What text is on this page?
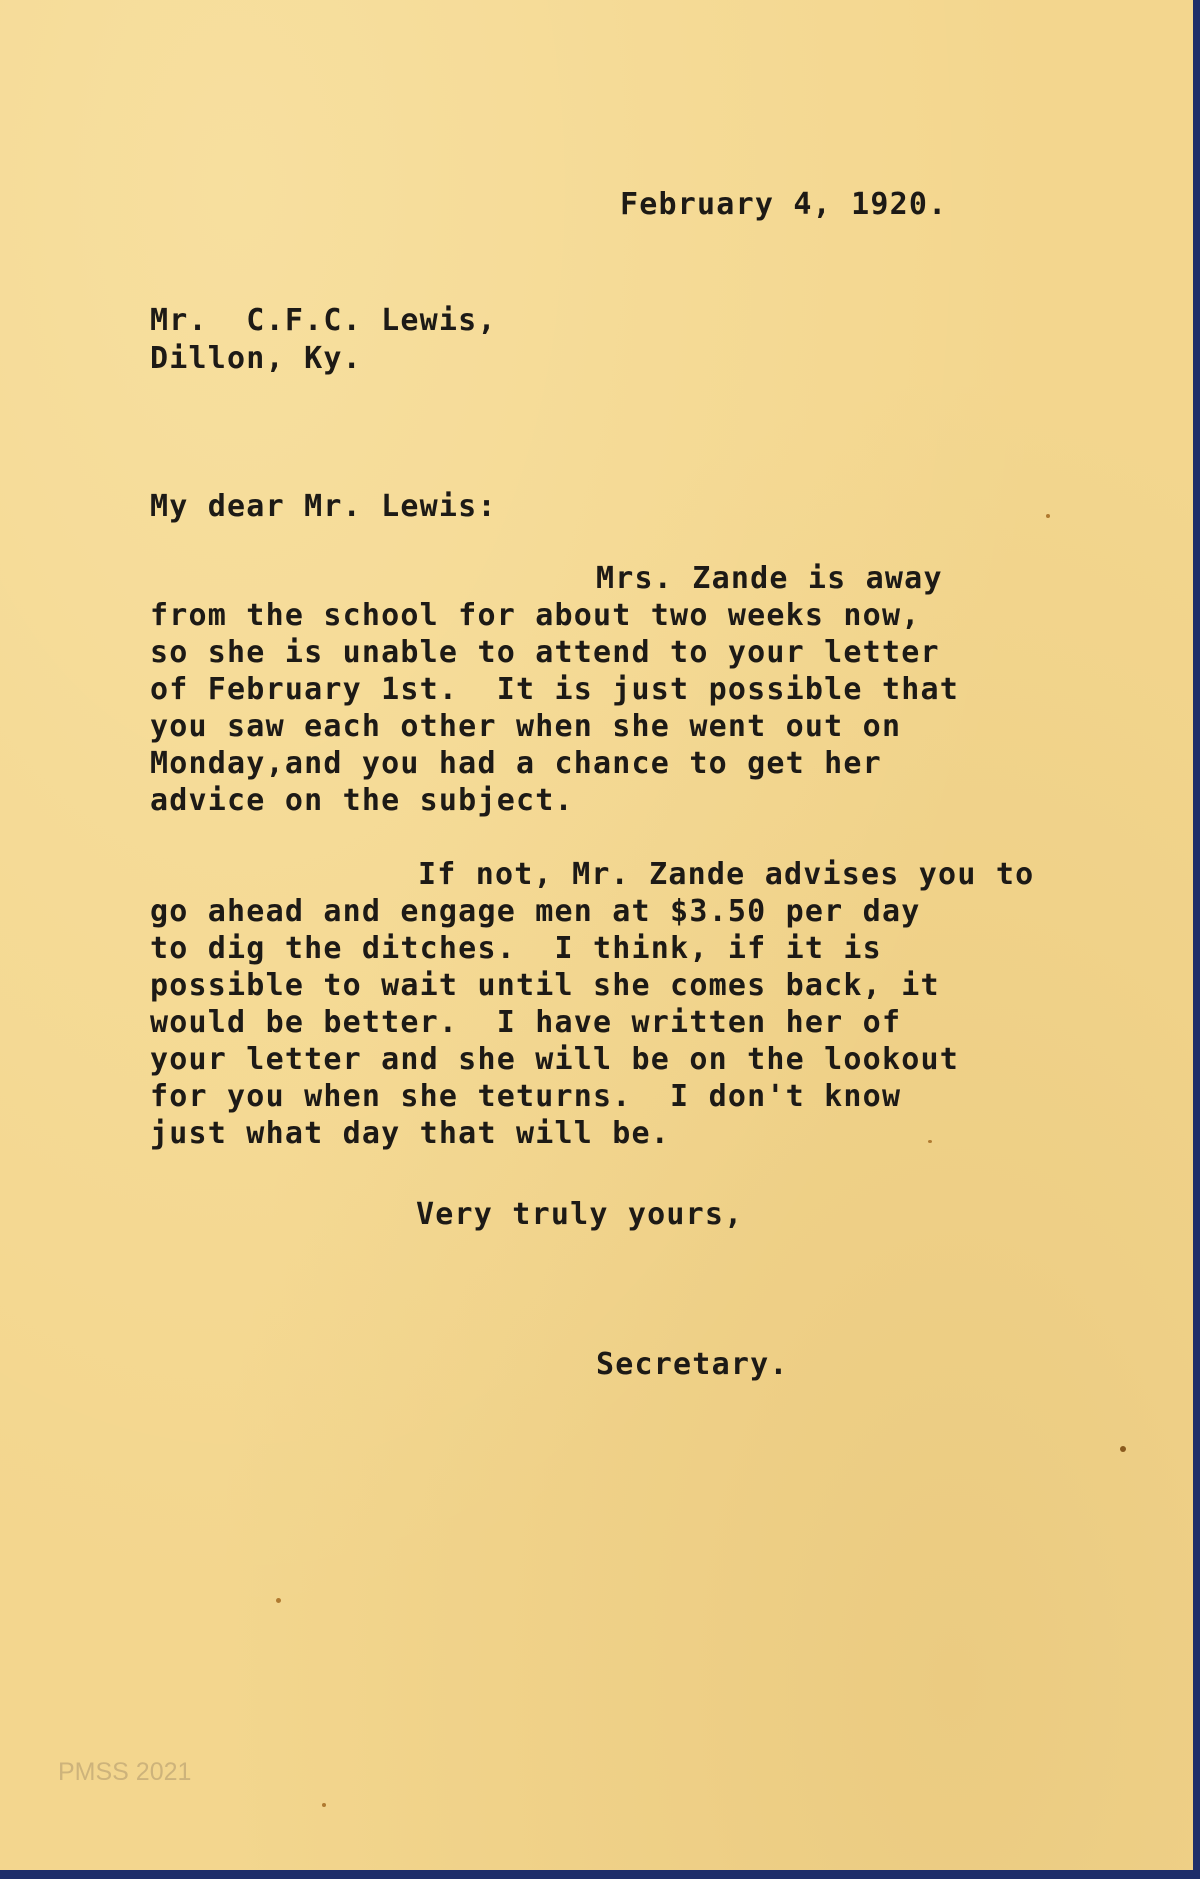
February 4, 1920.

Mr.  C.F.C. Lewis,

Dillon, Ky.

My dear Mr. Lewis:

Mrs. Zande is away
from the school for about two weeks now,
so she is unable to attend to your letter
of February 1st.  It is just possible that
you saw each other when she went out on
Monday,and you had a chance to get her
advice on the subject.
If not, Mr. Zande advises you to
go ahead and engage men at $3.50 per day
to dig the ditches.  I think, if it is
possible to wait until she comes back, it
would be better.  I have written her of
your letter and she will be on the lookout
for you when she teturns.  I don't know
just what day that will be.

Very truly yours,

Secretary.

PMSS 2021
